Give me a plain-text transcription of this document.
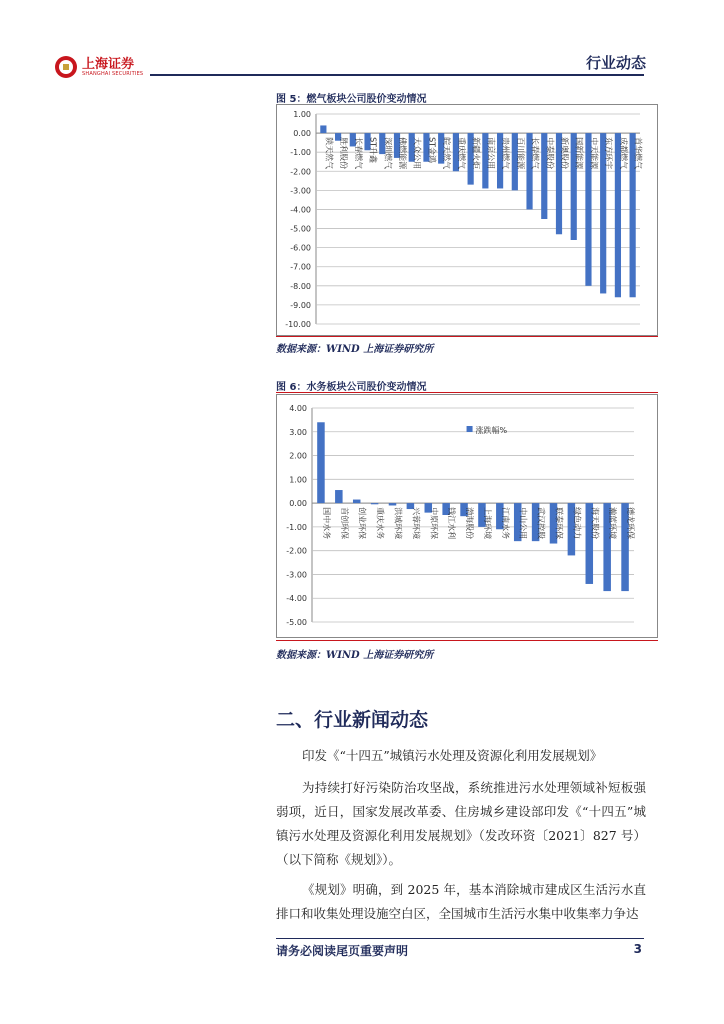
上海证券
SHANGHAI SECURITIES
行业动态
图 5：燃气板块公司股价变动情况
1.00
0.00
-1.00
-2.00
-3.00
-4.00
-5.00
-6.00
-7.00
-8.00
-9.00
-10.00
陕天然气 胜利股份 长春燃气 ST升鑫 深圳燃气 佛燃能源 大众公用 ST金鸿 皖天然气 重庆燃气 新疆火炬 南京公用 贵州燃气 百川能源 长春燃气 中泰股份 新奥股份 国新能源 中天能源 东方环宇 成都燃气 首华燃气
数据来源：WIND 上海证券研究所
图 6：水务板块公司股价变动情况
4.00
3.00
2.00
1.00
0.00
-1.00
-2.00
-3.00
-4.00
-5.00
国中水务 首创环保 创业环保 重庆水务 洪城环境 兴蓉环境 中原环保 钱江水利 渤海股份 上海环境 江南水务 中山公用 武汉控股 联泰环保 绿色动力 海天股份 瀚蓝环境 德龙环保
涨跌幅%
数据来源：WIND 上海证券研究所
二、行业新闻动态
印发《“十四五”城镇污水处理及资源化利用发展规划》
为持续打好污染防治攻坚战，系统推进污水处理领域补短板强弱项，近日，国家发展改革委、住房城乡建设部印发《“十四五”城镇污水处理及资源化利用发展规划》（发改环资〔2021〕827 号）（以下简称《规划》）。
《规划》明确，到 2025 年，基本消除城市建成区生活污水直排口和收集处理设施空白区，全国城市生活污水集中收集率力争达
请务必阅读尾页重要声明	3
